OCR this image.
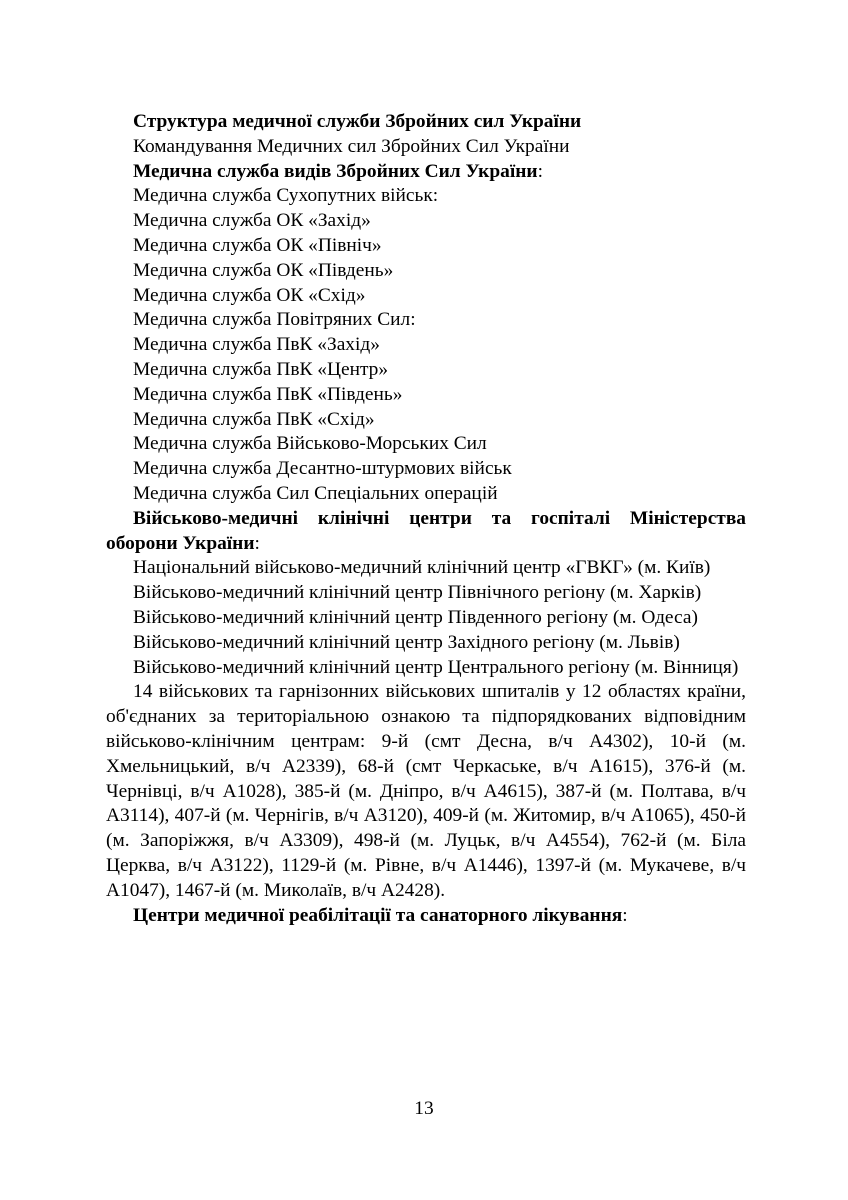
Структура медичної служби Збройних сил України

Командування Медичних сил Збройних Сил України

Медична служба видів Збройних Сил України:

Медична служба Сухопутних військ:

Медична служба ОК «Захід»

Медична служба ОК «Північ»

Медична служба ОК «Південь»

Медична служба ОК «Схід»

Медична служба Повітряних Сил:

Медична служба ПвК «Захід»

Медична служба ПвК «Центр»

Медична служба ПвК «Південь»

Медична служба ПвК «Схід»

Медична служба Військово-Морських Сил

Медична служба Десантно-штурмових військ

Медична служба Сил Спеціальних операцій

Військово-медичні клінічні центри та госпіталі Міністерства оборони України:

Національний військово-медичний клінічний центр «ГВКГ» (м. Київ)

Військово-медичний клінічний центр Північного регіону (м. Харків)

Військово-медичний клінічний центр Південного регіону (м. Одеса)

Військово-медичний клінічний центр Західного регіону (м. Львів)

Військово-медичний клінічний центр Центрального регіону (м. Вінниця)

14 військових та гарнізонних військових шпиталів у 12 областях країни, об'єднаних за територіальною ознакою та підпорядкованих відповідним військово-клінічним центрам: 9-й (смт Десна, в/ч А4302), 10-й (м. Хмельницький, в/ч А2339), 68-й (смт Черкаське, в/ч А1615), 376-й (м. Чернівці, в/ч А1028), 385-й (м. Дніпро, в/ч А4615), 387-й (м. Полтава, в/ч А3114), 407-й (м. Чернігів, в/ч А3120), 409-й (м. Житомир, в/ч А1065), 450-й (м. Запоріжжя, в/ч А3309), 498-й (м. Луцьк, в/ч А4554), 762-й (м. Біла Церква, в/ч А3122), 1129-й (м. Рівне, в/ч А1446), 1397-й (м. Мукачеве, в/ч А1047), 1467-й (м. Миколаїв, в/ч А2428).

Центри медичної реабілітації та санаторного лікування:

13
